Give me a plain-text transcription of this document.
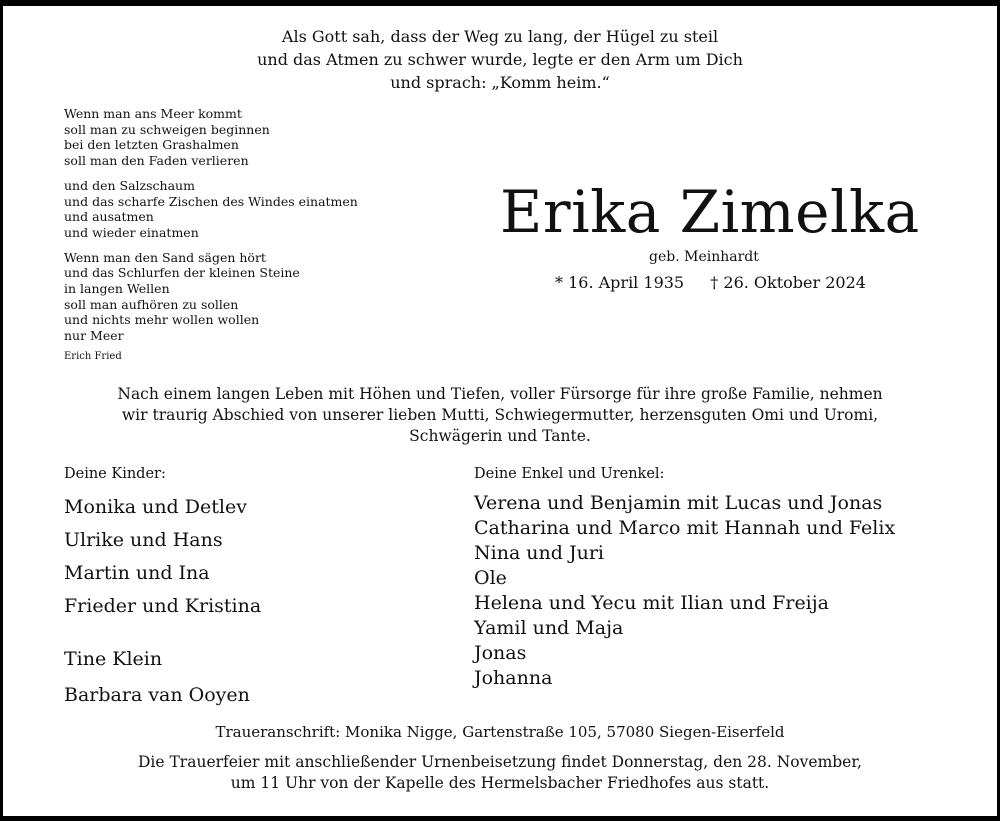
Als Gott sah, dass der Weg zu lang, der Hügel zu steil
und das Atmen zu schwer wurde, legte er den Arm um Dich
und sprach: „Komm heim.“
Wenn man ans Meer kommt
soll man zu schweigen beginnen
bei den letzten Grashalmen
soll man den Faden verlieren
und den Salzschaum
und das scharfe Zischen des Windes einatmen
und ausatmen
und wieder einatmen
Wenn man den Sand sägen hört
und das Schlurfen der kleinen Steine
in langen Wellen
soll man aufhören zu sollen
und nichts mehr wollen wollen
nur Meer
Erich Fried
Erika Zimelka
geb. Meinhardt
* 16. April 1935 † 26. Oktober 2024
Nach einem langen Leben mit Höhen und Tiefen, voller Fürsorge für ihre große Familie, nehmen
wir traurig Abschied von unserer lieben Mutti, Schwiegermutter, herzensguten Omi und Uromi,
Schwägerin und Tante.
Deine Kinder:	Deine Enkel und Urenkel:
Monika und Detlev
Ulrike und Hans
Martin und Ina
Frieder und Kristina
Tine Klein
Barbara van Ooyen
Verena und Benjamin mit Lucas und Jonas
Catharina und Marco mit Hannah und Felix
Nina und Juri
Ole
Helena und Yecu mit Ilian und Freija
Yamil und Maja
Jonas
Johanna
Traueranschrift: Monika Nigge, Gartenstraße 105, 57080 Siegen-Eiserfeld
Die Trauerfeier mit anschließender Urnenbeisetzung findet Donnerstag, den 28. November,
um 11 Uhr von der Kapelle des Hermelsbacher Friedhofes aus statt.
